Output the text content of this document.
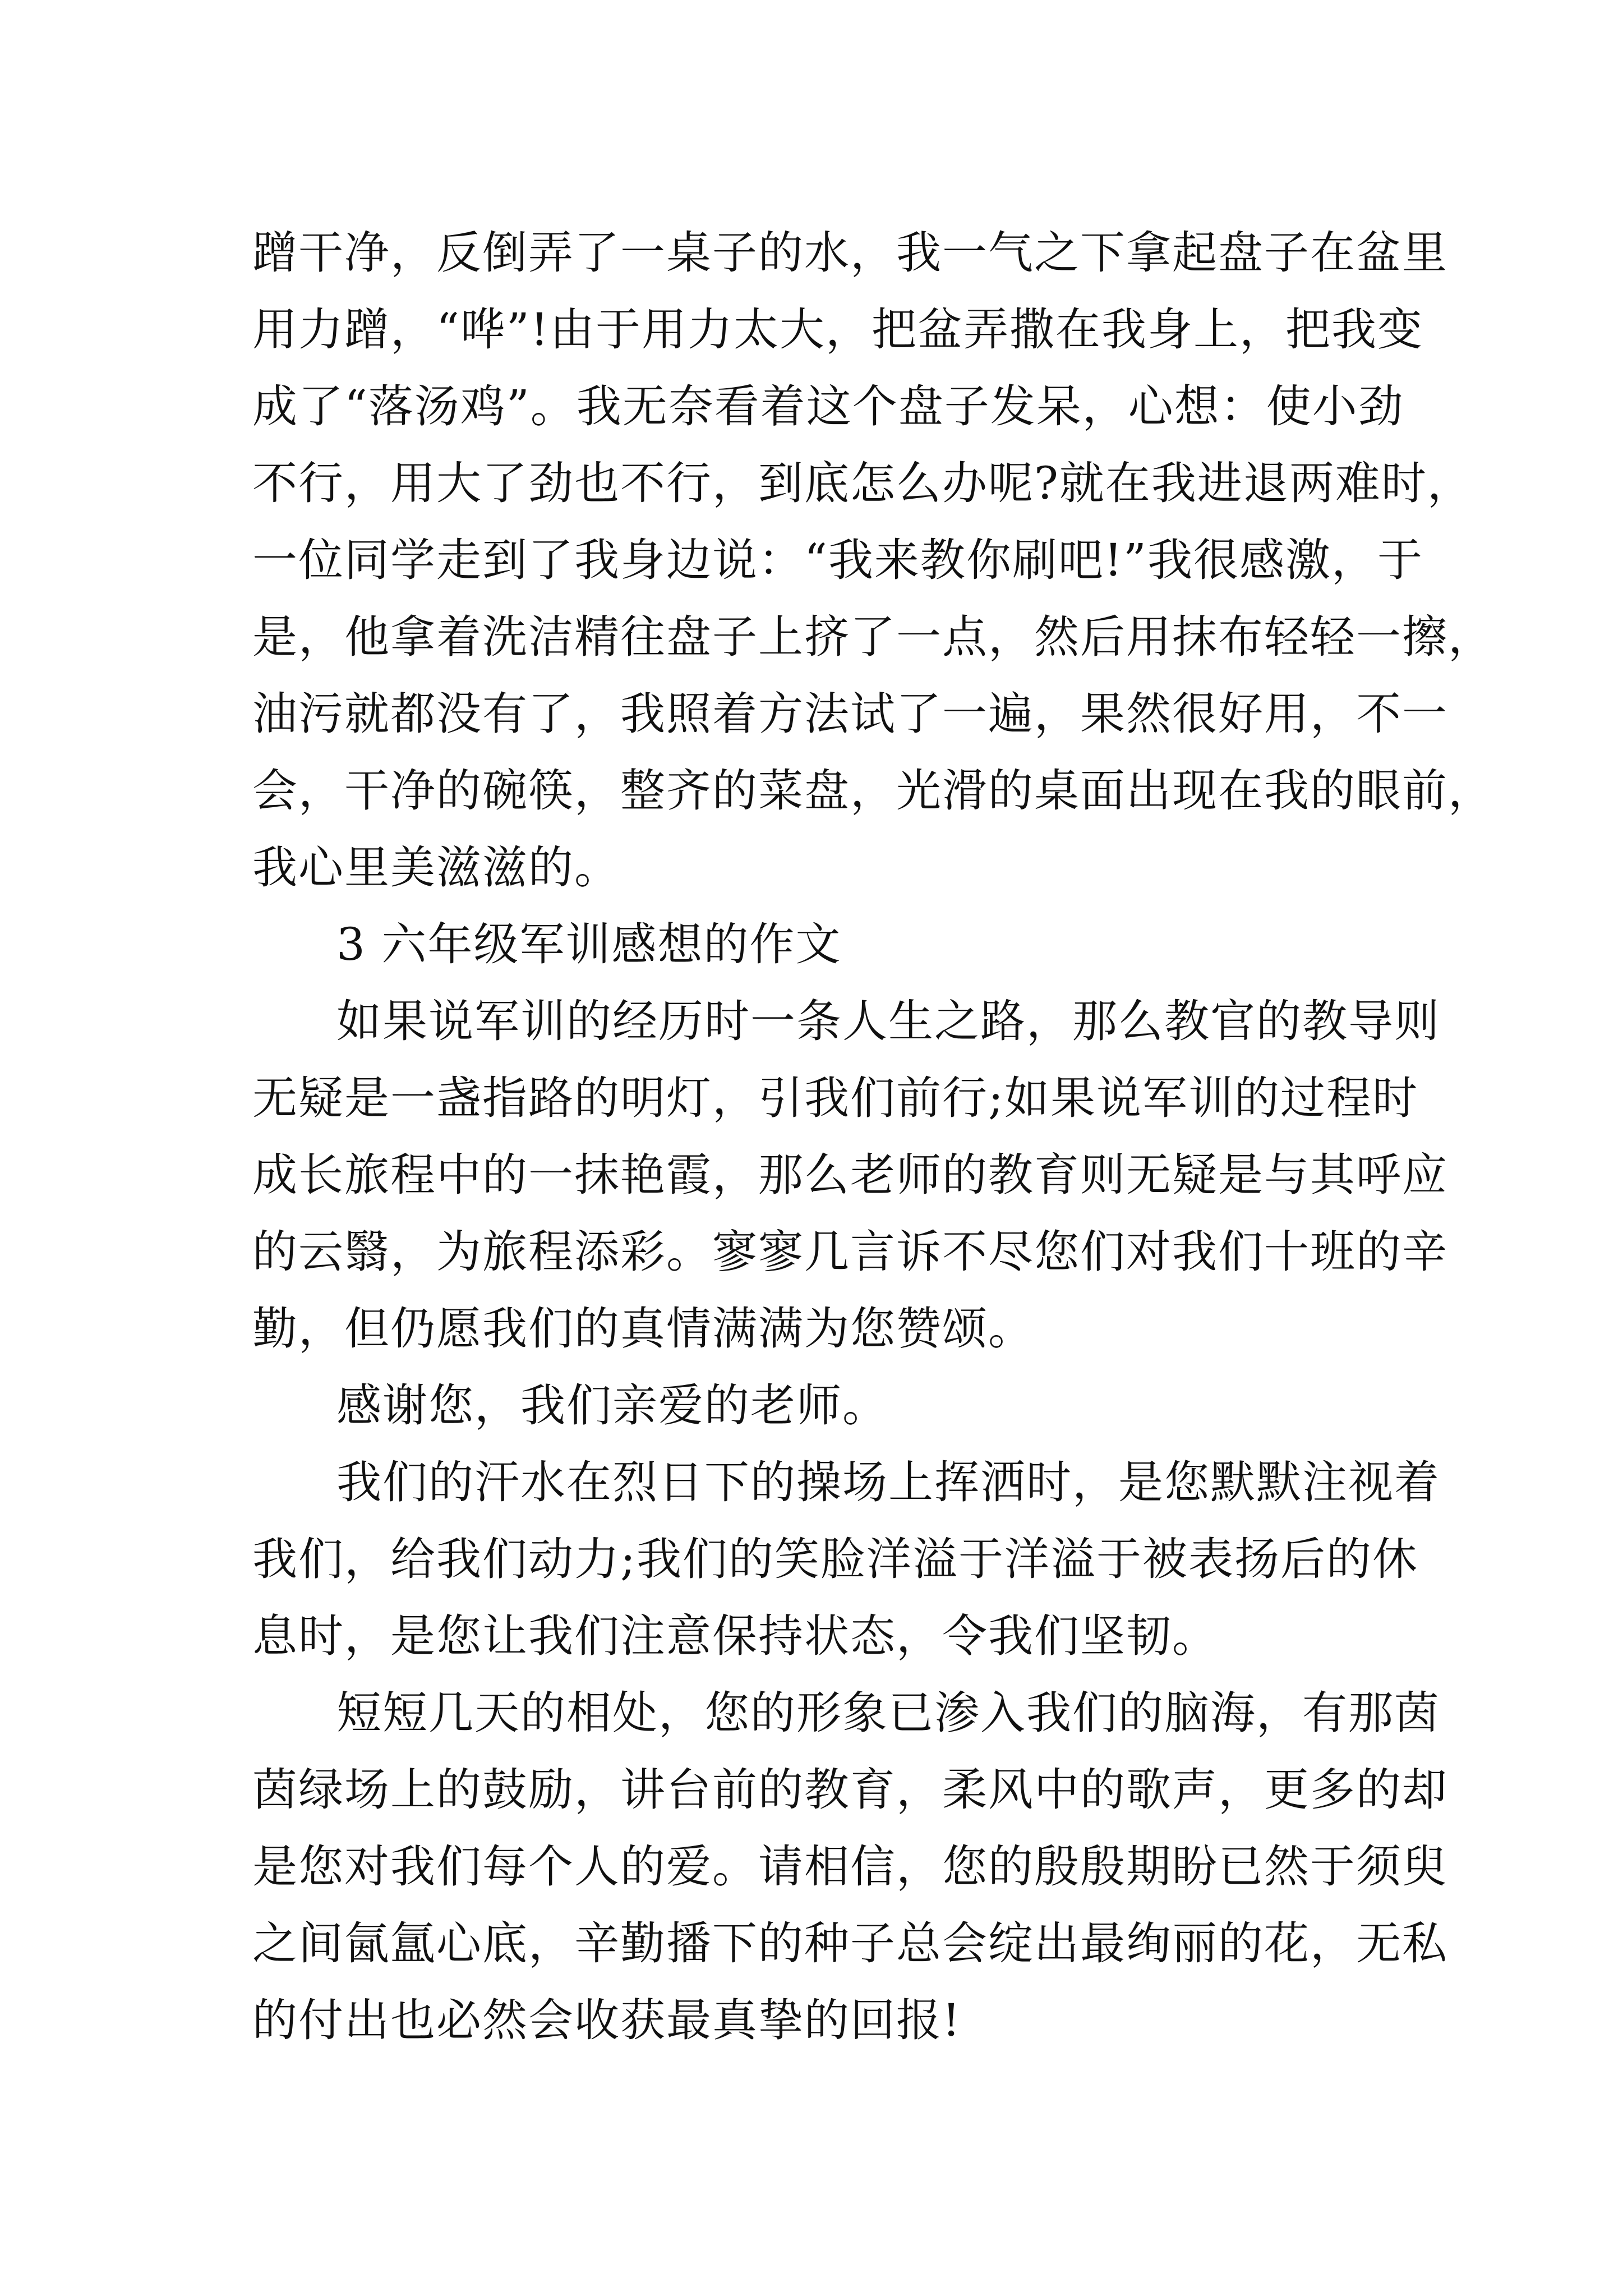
蹭干净，反倒弄了一桌子的水，我一气之下拿起盘子在盆里
用力蹭，“哗”!由于用力太大，把盆弄撒在我身上，把我变
成了“落汤鸡”。我无奈看着这个盘子发呆，心想：使小劲
不行，用大了劲也不行，到底怎么办呢?就在我进退两难时，
一位同学走到了我身边说：“我来教你刷吧!”我很感激，于
是，他拿着洗洁精往盘子上挤了一点，然后用抹布轻轻一擦，
油污就都没有了，我照着方法试了一遍，果然很好用，不一
会，干净的碗筷，整齐的菜盘，光滑的桌面出现在我的眼前，
我心里美滋滋的。
3 六年级军训感想的作文
如果说军训的经历时一条人生之路，那么教官的教导则
无疑是一盏指路的明灯，引我们前行;如果说军训的过程时
成长旅程中的一抹艳霞，那么老师的教育则无疑是与其呼应
的云翳，为旅程添彩。寥寥几言诉不尽您们对我们十班的辛
勤，但仍愿我们的真情满满为您赞颂。
感谢您，我们亲爱的老师。
我们的汗水在烈日下的操场上挥洒时，是您默默注视着
我们，给我们动力;我们的笑脸洋溢于洋溢于被表扬后的休
息时，是您让我们注意保持状态，令我们坚韧。
短短几天的相处，您的形象已渗入我们的脑海，有那茵
茵绿场上的鼓励，讲台前的教育，柔风中的歌声，更多的却
是您对我们每个人的爱。请相信，您的殷殷期盼已然于须臾
之间氤氲心底，辛勤播下的种子总会绽出最绚丽的花，无私
的付出也必然会收获最真挚的回报!
